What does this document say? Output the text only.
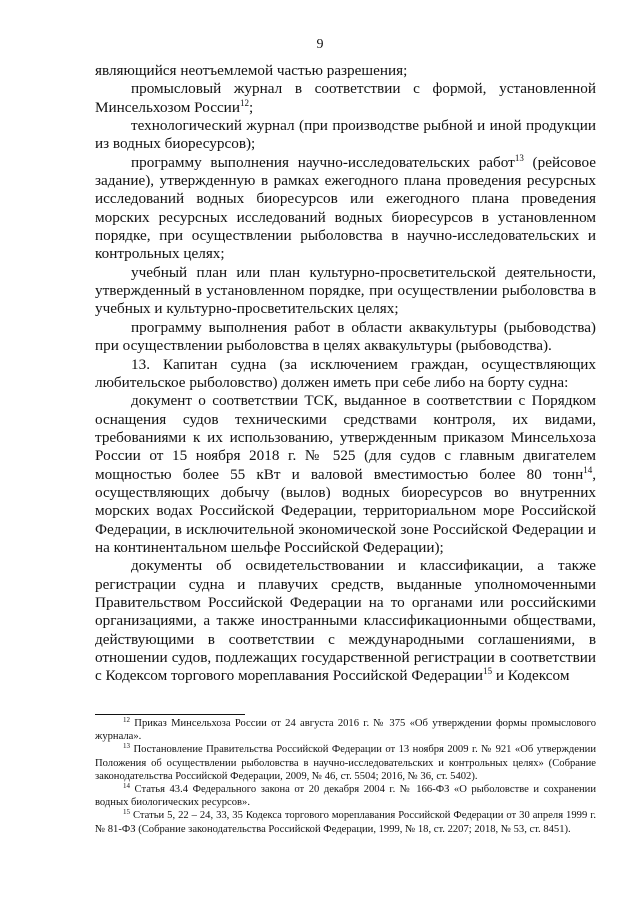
9

являющийся неотъемлемой частью разрешения;

промысловый журнал в соответствии с формой, установленной Минсельхозом России$^{12}$;

технологический журнал (при производстве рыбной и иной продукции из водных биоресурсов);

программу выполнения научно-исследовательских работ$^{13}$ (рейсовое задание), утвержденную в рамках ежегодного плана проведения ресурсных исследований водных биоресурсов или ежегодного плана проведения морских ресурсных исследований водных биоресурсов в установленном порядке, при осуществлении рыболовства в научно-исследовательских и контрольных целях;

учебный план или план культурно-просветительской деятельности, утвержденный в установленном порядке, при осуществлении рыболовства в учебных и культурно-просветительских целях;

программу выполнения работ в области аквакультуры (рыбоводства) при осуществлении рыболовства в целях аквакультуры (рыбоводства).

13. Капитан судна (за исключением граждан, осуществляющих любительское рыболовство) должен иметь при себе либо на борту судна:

документ о соответствии ТСК, выданное в соответствии с Порядком оснащения судов техническими средствами контроля, их видами, требованиями к их использованию, утвержденным приказом Минсельхоза России от 15 ноября 2018 г. № 525 (для судов с главным двигателем мощностью более 55 кВт и валовой вместимостью более 80 тонн$^{14}$, осуществляющих добычу (вылов) водных биоресурсов во внутренних морских водах Российской Федерации, территориальном море Российской Федерации, в исключительной экономической зоне Российской Федерации и на континентальном шельфе Российской Федерации);

документы об освидетельствовании и классификации, а также регистрации судна и плавучих средств, выданные уполномоченными Правительством Российской Федерации на то органами или российскими организациями, а также иностранными классификационными обществами, действующими в соответствии с международными соглашениями, в отношении судов, подлежащих государственной регистрации в соответствии с Кодексом торгового мореплавания Российской Федерации$^{15}$ и Кодексом

$^{12}$ Приказ Минсельхоза России от 24 августа 2016 г. № 375 «Об утверждении формы промыслового журнала».

$^{13}$ Постановление Правительства Российской Федерации от 13 ноября 2009 г. № 921 «Об утверждении Положения об осуществлении рыболовства в научно-исследовательских и контрольных целях» (Собрание законодательства Российской Федерации, 2009, № 46, ст. 5504; 2016, № 36, ст. 5402).

$^{14}$ Статья 43.4 Федерального закона от 20 декабря 2004 г. № 166-ФЗ «О рыболовстве и сохранении водных биологических ресурсов».

$^{15}$ Статьи 5, 22 – 24, 33, 35 Кодекса торгового мореплавания Российской Федерации от 30 апреля 1999 г. № 81-ФЗ (Собрание законодательства Российской Федерации, 1999, № 18, ст. 2207; 2018, № 53, ст. 8451).
